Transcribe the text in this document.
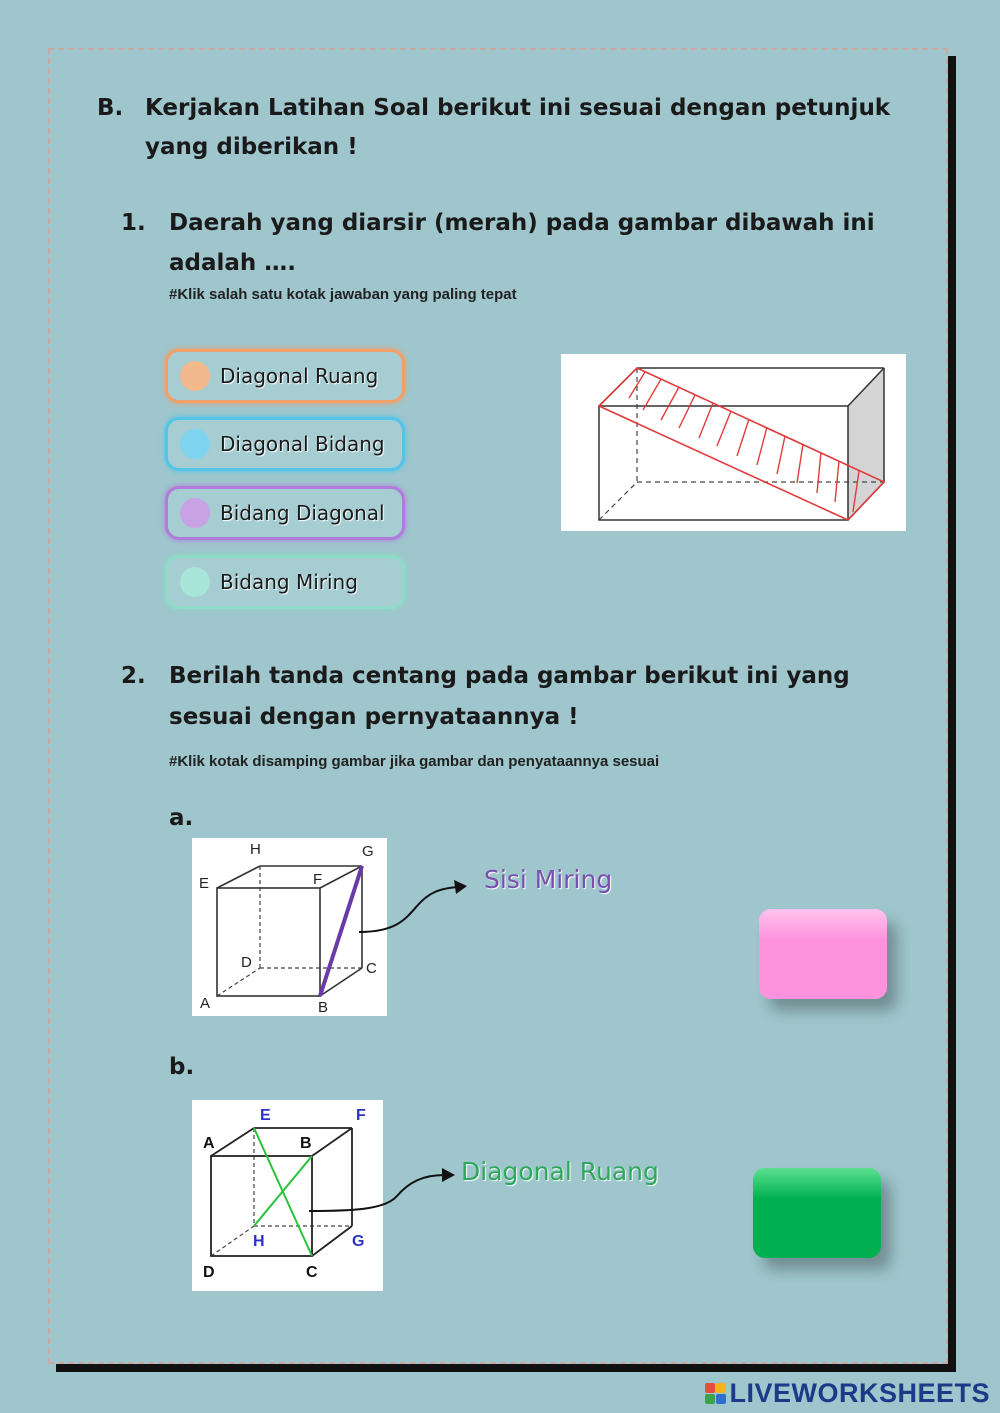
B. Kerjakan Latihan Soal berikut ini sesuai dengan petunjuk
yang diberikan !
1. Daerah yang diarsir (merah) pada gambar dibawah ini
adalah ….
#Klik salah satu kotak jawaban yang paling tepat
Diagonal Ruang
Diagonal Bidang
Bidang Diagonal
Bidang Miring
2. Berilah tanda centang pada gambar berikut ini yang
sesuai dengan pernyataannya !
#Klik kotak disamping gambar jika gambar dan penyataannya sesuai
a.
H	G
E	F
D	C
A	B
Sisi Miring
b.
E	F
A	B
H	G
D	C
Diagonal Ruang
LIVEWORKSHEETS
